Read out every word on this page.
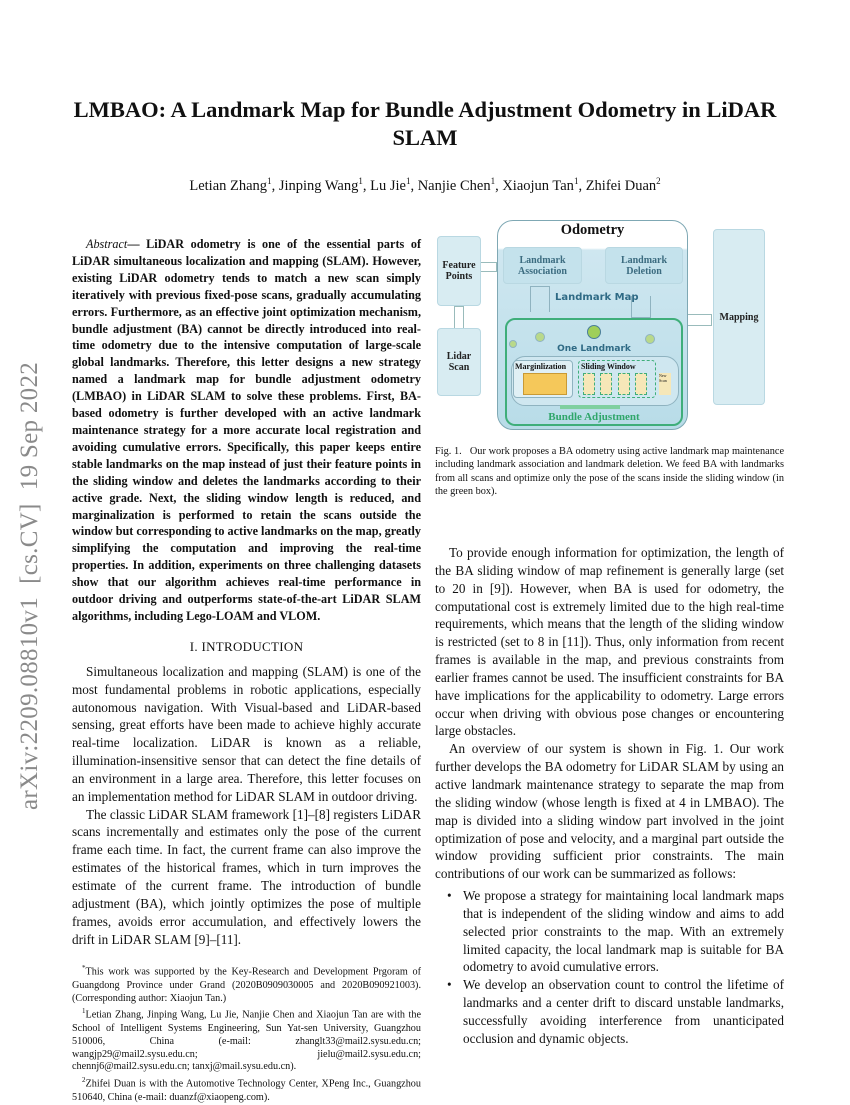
LMBAO: A Landmark Map for Bundle Adjustment Odometry in LiDAR SLAM
Letian Zhang$^1$, Jinping Wang$^1$, Lu Jie$^1$, Nanjie Chen$^1$, Xiaojun Tan$^1$, Zhifei Duan$^2$
arXiv:2209.08810v1  [cs.CV]  19 Sep 2022
Abstract— LiDAR odometry is one of the essential parts of LiDAR simultaneous localization and mapping (SLAM). However, existing LiDAR odometry tends to match a new scan simply iteratively with previous fixed-pose scans, gradually accumulating errors. Furthermore, as an effective joint optimization mechanism, bundle adjustment (BA) cannot be directly introduced into real-time odometry due to the intensive computation of large-scale global landmarks. Therefore, this letter designs a new strategy named a landmark map for bundle adjustment odometry (LMBAO) in LiDAR SLAM to solve these problems. First, BA-based odometry is further developed with an active landmark maintenance strategy for a more accurate local registration and avoiding cumulative errors. Specifically, this paper keeps entire stable landmarks on the map instead of just their feature points in the sliding window and deletes the landmarks according to their active grade. Next, the sliding window length is reduced, and marginalization is performed to retain the scans outside the window but corresponding to active landmarks on the map, greatly simplifying the computation and improving the real-time properties. In addition, experiments on three challenging datasets show that our algorithm achieves real-time performance in outdoor driving and outperforms state-of-the-art LiDAR SLAM algorithms, including Lego-LOAM and VLOM.
I. INTRODUCTION

Simultaneous localization and mapping (SLAM) is one of the most fundamental problems in robotic applications, especially autonomous navigation. With Visual-based and LiDAR-based sensing, great efforts have been made to achieve highly accurate real-time localization. LiDAR is known as a reliable, illumination-insensitive sensor that can detect the fine details of an environment in a large area. Therefore, this letter focuses on an implementation method for LiDAR SLAM in outdoor driving.

The classic LiDAR SLAM framework [1]–[8] registers LiDAR scans incrementally and estimates only the pose of the current frame each time. In fact, the current frame can also improve the estimates of the historical frames, which in turn improves the estimate of the current frame. The introduction of bundle adjustment (BA), which jointly optimizes the pose of multiple frames, avoids error accumulation, and effectively lowers the drift in LiDAR SLAM [9]–[11].

*This work was supported by the Key-Research and Development Prgoram of Guangdong Province under Grand (2020B0909030005 and 2020B090921003). (Corresponding author: Xiaojun Tan.)

$^1$Letian Zhang, Jinping Wang, Lu Jie, Nanjie Chen and Xiaojun Tan are with the School of Intelligent Systems Engineering, Sun Yat-sen University, Guangzhou 510006, China (e-mail: zhanglt33@mail2.sysu.edu.cn; wangjp29@mail2.sysu.edu.cn; jielu@mail2.sysu.edu.cn; chennj6@mail2.sysu.edu.cn; tanxj@mail.sysu.edu.cn).

$^2$Zhifei Duan is with the Automotive Technology Center, XPeng Inc., Guangzhou 510640, China (e-mail: duanzf@xiaopeng.com).

Feature Points
Lidar Scan
Odometry
Landmark
Association
Landmark
Deletion
Landmark Map
One Landmark
Marginlization Sliding Window
New Scan
Bundle Adjustment
Mapping
Fig. 1. Our work proposes a BA odometry using active landmark map maintenance including landmark association and landmark deletion. We feed BA with landmarks from all scans and optimize only the pose of the scans inside the sliding window (in the green box).

To provide enough information for optimization, the length of the BA sliding window of map refinement is generally large (set to 20 in [9]). However, when BA is used for odometry, the computational cost is extremely limited due to the high real-time requirements, which means that the length of the sliding window is restricted (set to 8 in [11]). Thus, only information from recent frames is available in the map, and previous constraints from earlier frames cannot be used. The insufficient constraints for BA have implications for the applicability to odometry. Large errors occur when driving with obvious pose changes or encountering large obstacles.

An overview of our system is shown in Fig. 1. Our work further develops the BA odometry for LiDAR SLAM by using an active landmark maintenance strategy to separate the map from the sliding window (whose length is fixed at 4 in LMBAO). The map is divided into a sliding window part involved in the joint optimization of pose and velocity, and a marginal part outside the window providing sufficient prior constraints. The main contributions of our work can be summarized as follows:

• We propose a strategy for maintaining local landmark maps that is independent of the sliding window and aims to add selected prior constraints to the map. With an extremely limited capacity, the local landmark map is suitable for BA odometry to avoid cumulative errors.
• We develop an observation count to control the lifetime of landmarks and a center drift to discard unstable landmarks, successfully avoiding interference from unanticipated occlusion and dynamic objects.
